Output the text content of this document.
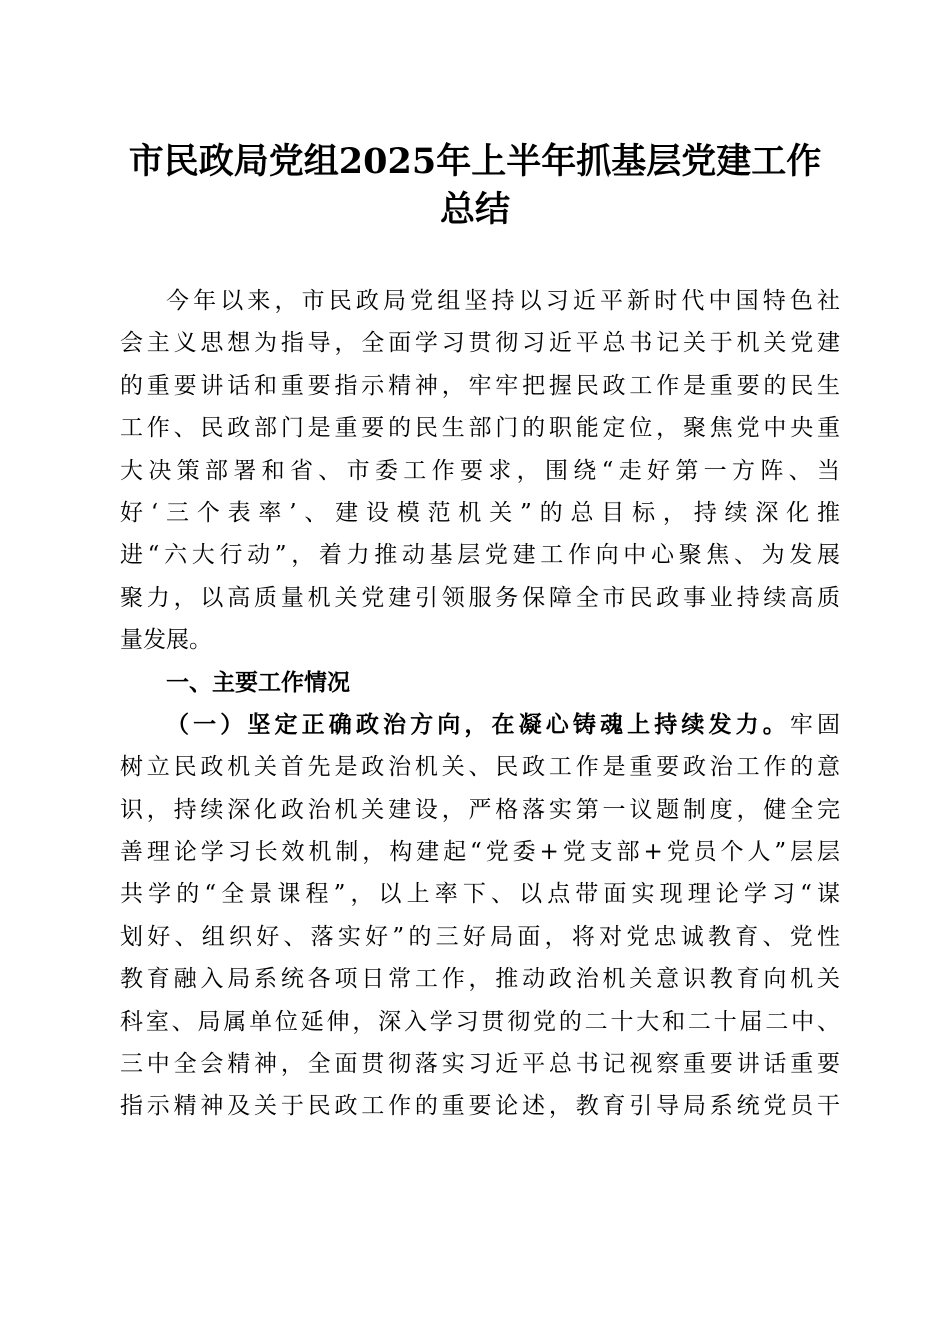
市民政局党组2025年上半年抓基层党建工作
总结
今年以来，市民政局党组坚持以习近平新时代中国特色社
会主义思想为指导，全面学习贯彻习近平总书记关于机关党建
的重要讲话和重要指示精神，牢牢把握民政工作是重要的民生
工作、民政部门是重要的民生部门的职能定位，聚焦党中央重
大决策部署和省、市委工作要求，围绕“走好第一方阵、当
好‘三个表率’、建设模范机关”的总目标，持续深化推
进“六大行动”，着力推动基层党建工作向中心聚焦、为发展
聚力，以高质量机关党建引领服务保障全市民政事业持续高质
量发展。
一、主要工作情况
（一）坚定正确政治方向，在凝心铸魂上持续发力。牢固
树立民政机关首先是政治机关、民政工作是重要政治工作的意
识，持续深化政治机关建设，严格落实第一议题制度，健全完
善理论学习长效机制，构建起“党委+党支部+党员个人”层层
共学的“全景课程”，以上率下、以点带面实现理论学习“谋
划好、组织好、落实好”的三好局面，将对党忠诚教育、党性
教育融入局系统各项日常工作，推动政治机关意识教育向机关
科室、局属单位延伸，深入学习贯彻党的二十大和二十届二中、
三中全会精神，全面贯彻落实习近平总书记视察重要讲话重要
指示精神及关于民政工作的重要论述，教育引导局系统党员干
